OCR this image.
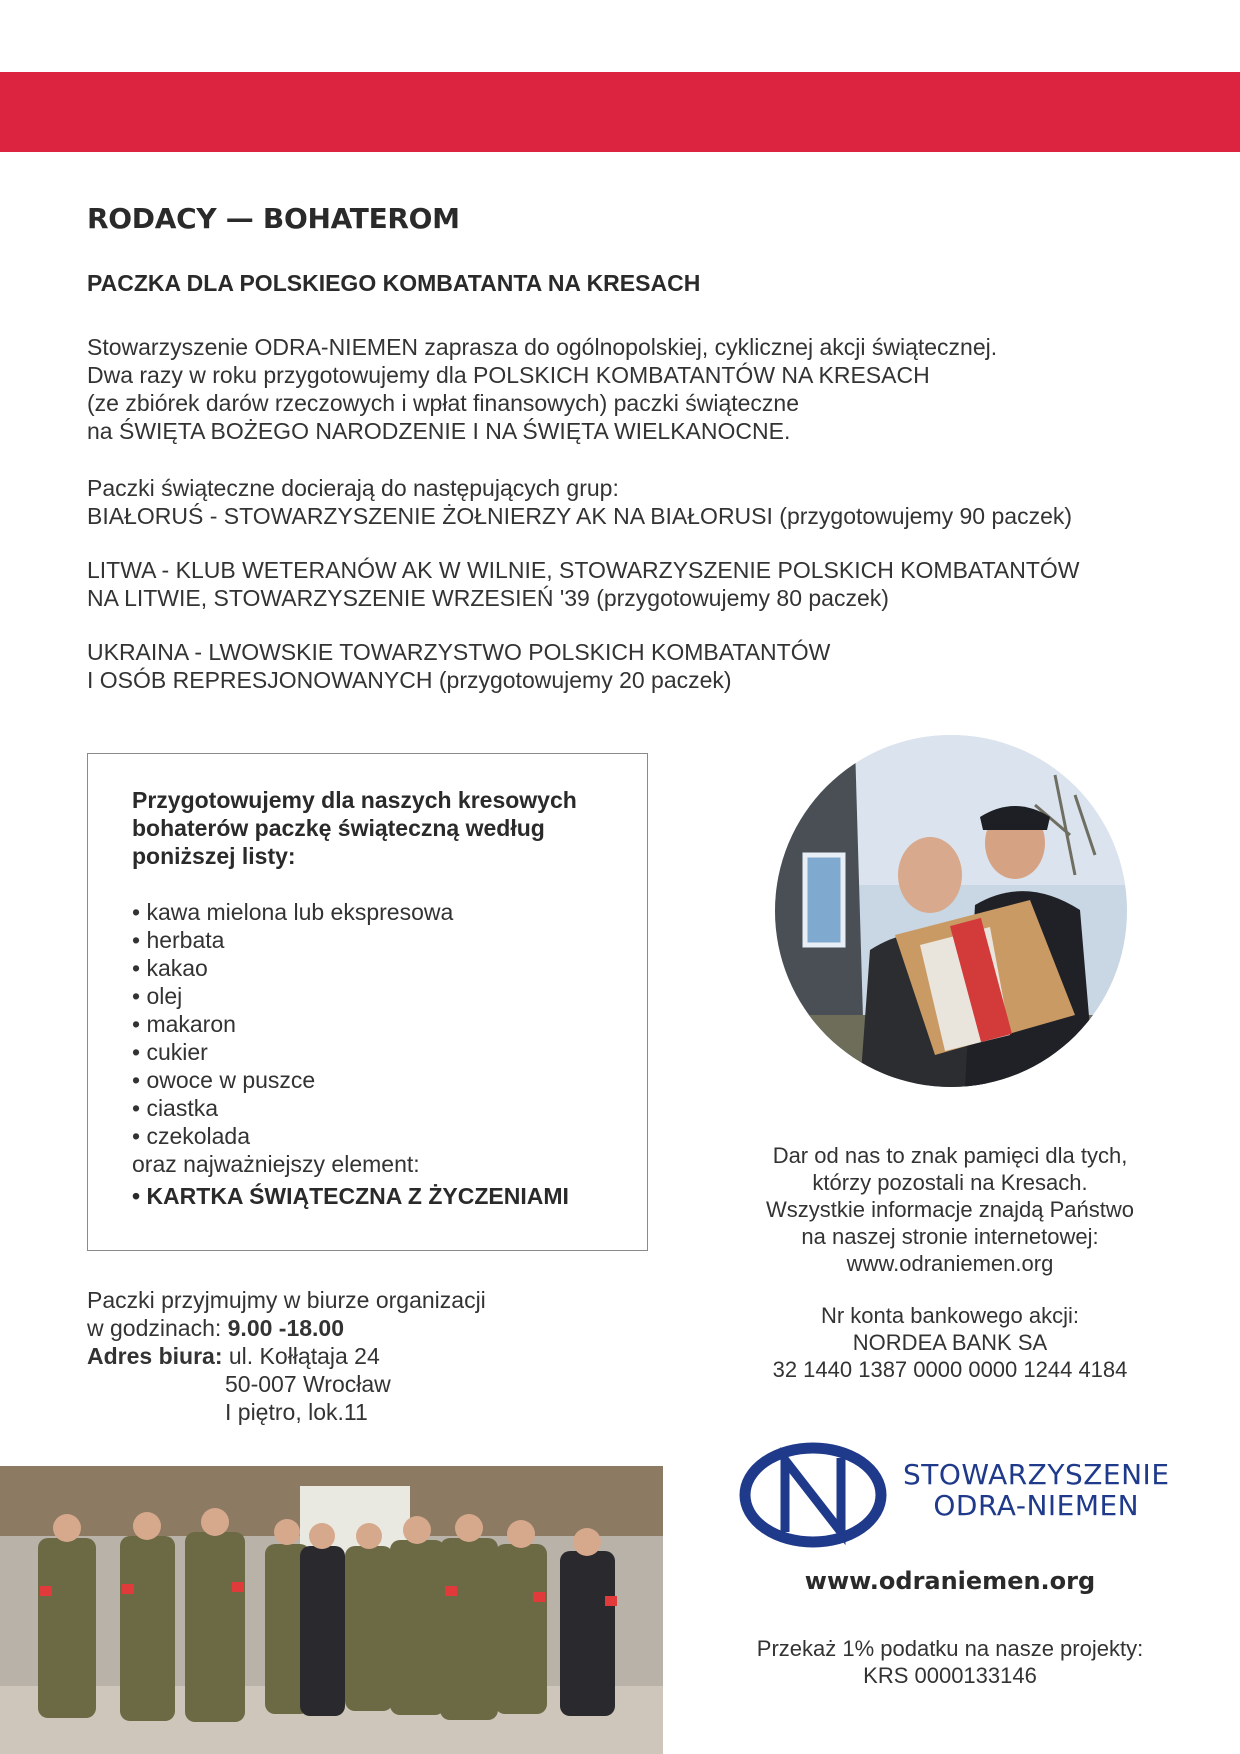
RODACY — BOHATEROM
PACZKA DLA POLSKIEGO KOMBATANTA NA KRESACH
Stowarzyszenie ODRA-NIEMEN zaprasza do ogólnopolskiej, cyklicznej akcji świątecznej.
Dwa razy w roku przygotowujemy dla POLSKICH KOMBATANTÓW NA KRESACH
(ze zbiórek darów rzeczowych i wpłat finansowych) paczki świąteczne
na ŚWIĘTA BOŻEGO NARODZENIE I NA ŚWIĘTA WIELKANOCNE.
Paczki świąteczne docierają do następujących grup:
BIAŁORUŚ - STOWARZYSZENIE ŻOŁNIERZY AK NA BIAŁORUSI (przygotowujemy 90 paczek)
LITWA - KLUB WETERANÓW AK W WILNIE, STOWARZYSZENIE POLSKICH KOMBATANTÓW
NA LITWIE, STOWARZYSZENIE WRZESIEŃ '39 (przygotowujemy 80 paczek)
UKRAINA - LWOWSKIE TOWARZYSTWO POLSKICH KOMBATANTÓW
I OSÓB REPRESJONOWANYCH (przygotowujemy 20 paczek)
Przygotowujemy dla naszych kresowych
bohaterów paczkę świąteczną według
poniższej listy:
• kawa mielona lub ekspresowa
• herbata
• kakao
• olej
• makaron
• cukier
• owoce w puszce
• ciastka
• czekolada
oraz najważniejszy element:
• KARTKA ŚWIĄTECZNA Z ŻYCZENIAMI
Paczki przyjmujmy w biurze organizacji
w godzinach: 9.00 -18.00
Adres biura: ul. Kołłątaja 24
50-007 Wrocław
I piętro, lok.11
Dar od nas to znak pamięci dla tych,
którzy pozostali na Kresach.
Wszystkie informacje znajdą Państwo
na naszej stronie internetowej:
www.odraniemen.org
Nr konta bankowego akcji:
NORDEA BANK SA
32 1440 1387 0000 0000 1244 4184
STOWARZYSZENIE
ODRA-NIEMEN
www.odraniemen.org
Przekaż 1% podatku na nasze projekty:
KRS 0000133146
